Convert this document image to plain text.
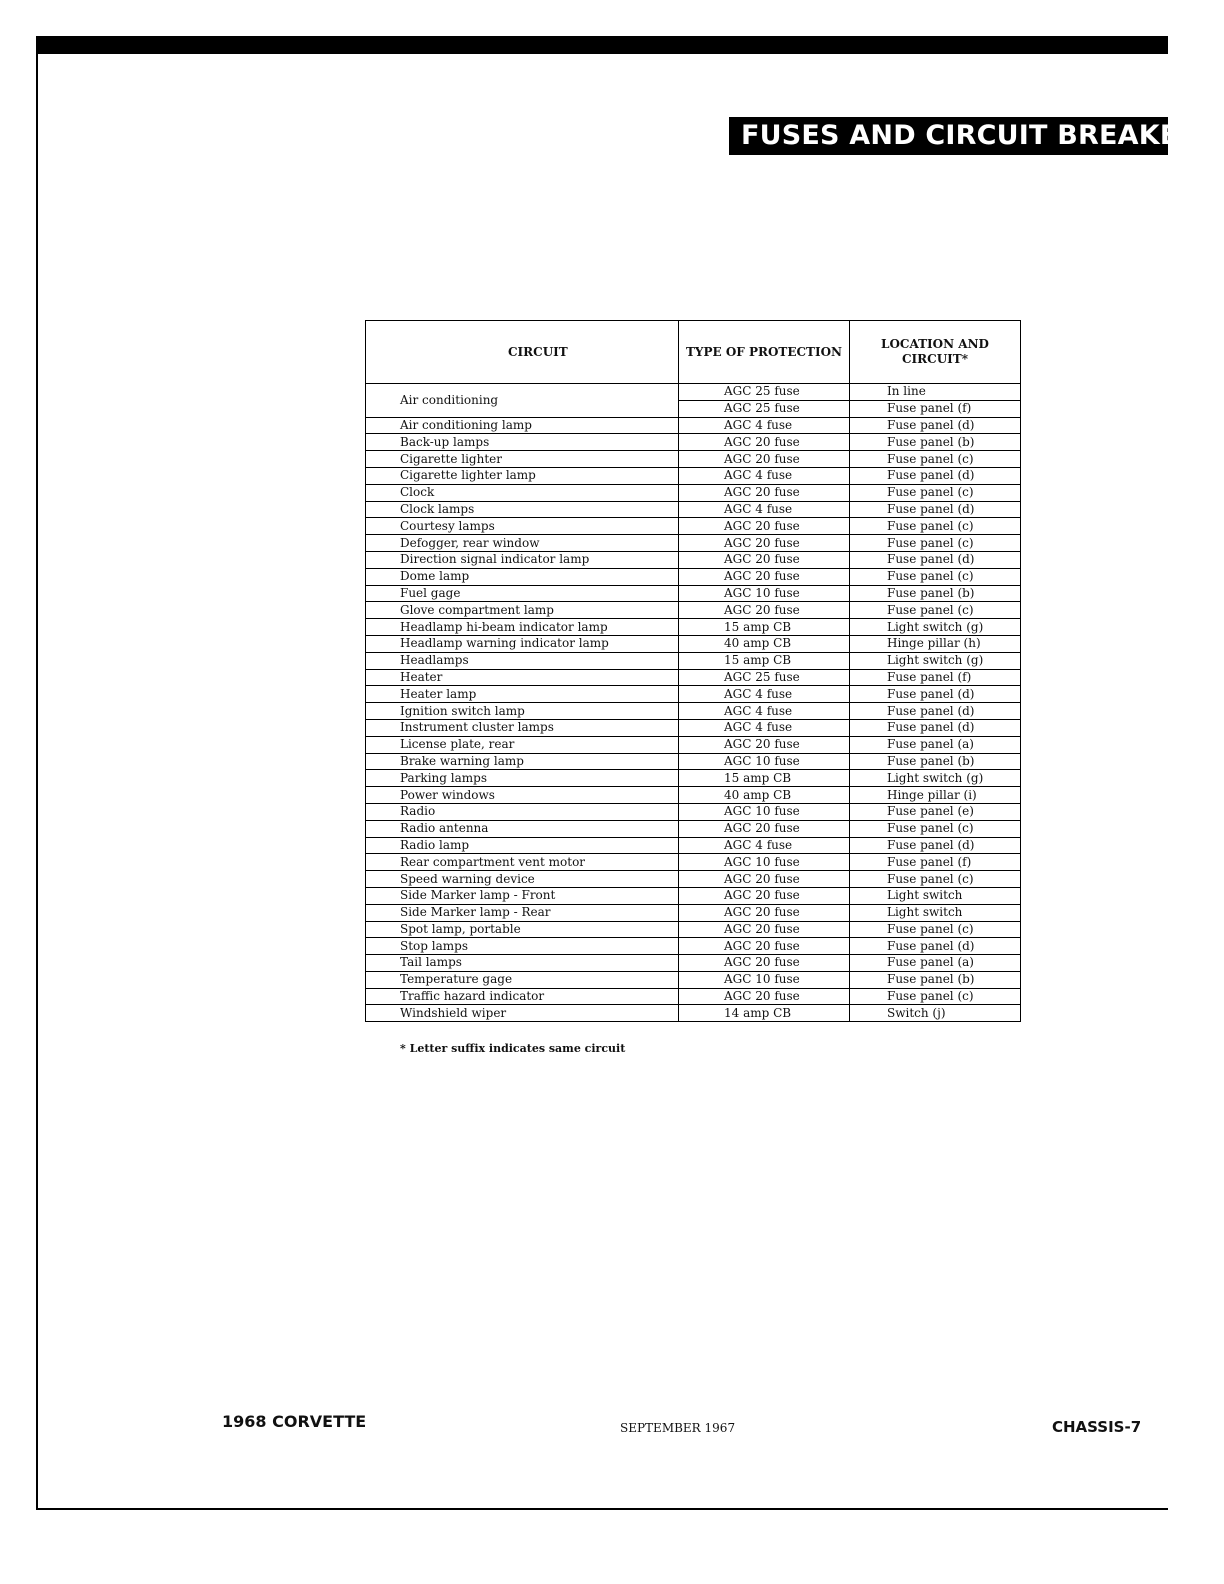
FUSES AND CIRCUIT BREAKERS
CIRCUIT	TYPE OF PROTECTION	LOCATION AND CIRCUIT*
Air conditioning	AGC 25 fuse	In line
	AGC 25 fuse	Fuse panel (f)
Air conditioning lamp	AGC 4 fuse	Fuse panel (d)
Back-up lamps	AGC 20 fuse	Fuse panel (b)
Cigarette lighter	AGC 20 fuse	Fuse panel (c)
Cigarette lighter lamp	AGC 4 fuse	Fuse panel (d)
Clock	AGC 20 fuse	Fuse panel (c)
Clock lamps	AGC 4 fuse	Fuse panel (d)
Courtesy lamps	AGC 20 fuse	Fuse panel (c)
Defogger, rear window	AGC 20 fuse	Fuse panel (c)
Direction signal indicator lamp	AGC 20 fuse	Fuse panel (d)
Dome lamp	AGC 20 fuse	Fuse panel (c)
Fuel gage	AGC 10 fuse	Fuse panel (b)
Glove compartment lamp	AGC 20 fuse	Fuse panel (c)
Headlamp hi-beam indicator lamp	15 amp CB	Light switch (g)
Headlamp warning indicator lamp	40 amp CB	Hinge pillar (h)
Headlamps	15 amp CB	Light switch (g)
Heater	AGC 25 fuse	Fuse panel (f)
Heater lamp	AGC 4 fuse	Fuse panel (d)
Ignition switch lamp	AGC 4 fuse	Fuse panel (d)
Instrument cluster lamps	AGC 4 fuse	Fuse panel (d)
License plate, rear	AGC 20 fuse	Fuse panel (a)
Brake warning lamp	AGC 10 fuse	Fuse panel (b)
Parking lamps	15 amp CB	Light switch (g)
Power windows	40 amp CB	Hinge pillar (i)
Radio	AGC 10 fuse	Fuse panel (e)
Radio antenna	AGC 20 fuse	Fuse panel (c)
Radio lamp	AGC 4 fuse	Fuse panel (d)
Rear compartment vent motor	AGC 10 fuse	Fuse panel (f)
Speed warning device	AGC 20 fuse	Fuse panel (c)
Side Marker lamp - Front	AGC 20 fuse	Light switch
Side Marker lamp - Rear	AGC 20 fuse	Light switch
Spot lamp, portable	AGC 20 fuse	Fuse panel (c)
Stop lamps	AGC 20 fuse	Fuse panel (d)
Tail lamps	AGC 20 fuse	Fuse panel (a)
Temperature gage	AGC 10 fuse	Fuse panel (b)
Traffic hazard indicator	AGC 20 fuse	Fuse panel (c)
Windshield wiper	14 amp CB	Switch (j)
* Letter suffix indicates same circuit
1968 CORVETTE	SEPTEMBER 1967	CHASSIS-7
